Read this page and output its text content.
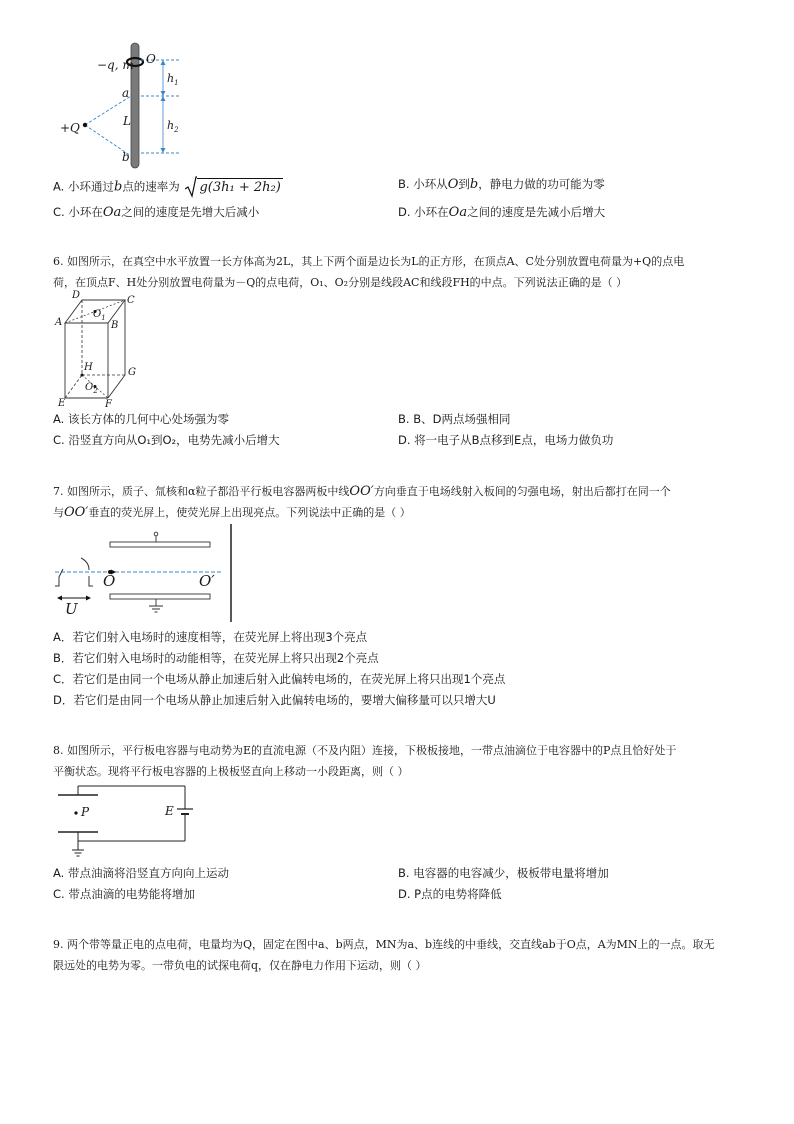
−q, m O
a
L
b
$h_1$
$h_2$
+Q
A. 小环通过b点的速率为 g(3h₁ + 2h₂)	B. 小环从O到b，静电力做的功可能为零
C. 小环在Oa之间的速度是先增大后减小	D. 小环在Oa之间的速度是先减小后增大
6. 如图所示，在真空中水平放置一长方体高为2L，其上下两个面是边长为L的正方形，在顶点A、C处分别放置电荷量为+Q的点电
荷，在顶点F、H处分别放置电荷量为－Q的点电荷，O₁、O₂分别是线段AC和线段FH的中点。下列说法正确的是（ ）
D	C
A	B
$O_1$
H	G
$O_2$
E	F
A. 该长方体的几何中心处场强为零	B. B、D两点场强相同
C. 沿竖直方向从O₁到O₂，电势先减小后增大	D. 将一电子从B点移到E点，电场力做负功
7. 如图所示，质子、氚核和α粒子都沿平行板电容器两板中线OO′方向垂直于电场线射入板间的匀强电场，射出后都打在同一个
与OO′垂直的荧光屏上，使荧光屏上出现亮点。下列说法中正确的是（ ）
O	O′
U
A．若它们射入电场时的速度相等，在荧光屏上将出现3个亮点
B．若它们射入电场时的动能相等，在荧光屏上将只出现2个亮点
C．若它们是由同一个电场从静止加速后射入此偏转电场的，在荧光屏上将只出现1个亮点
D．若它们是由同一个电场从静止加速后射入此偏转电场的，要增大偏移量可以只增大U
8. 如图所示，平行板电容器与电动势为E的直流电源（不及内阻）连接，下极板接地，一带点油滴位于电容器中的P点且恰好处于
平衡状态。现将平行板电容器的上极板竖直向上移动一小段距离，则（ ）
P	E
A. 带点油滴将沿竖直方向向上运动	B. 电容器的电容减少，极板带电量将增加
C. 带点油滴的电势能将增加	D. P点的电势将降低
9. 两个带等量正电的点电荷，电量均为Q，固定在图中a、b两点，MN为a、b连线的中垂线，交直线ab于O点，A为MN上的一点。取无
限远处的电势为零。一带负电的试探电荷q，仅在静电力作用下运动，则（ ）
